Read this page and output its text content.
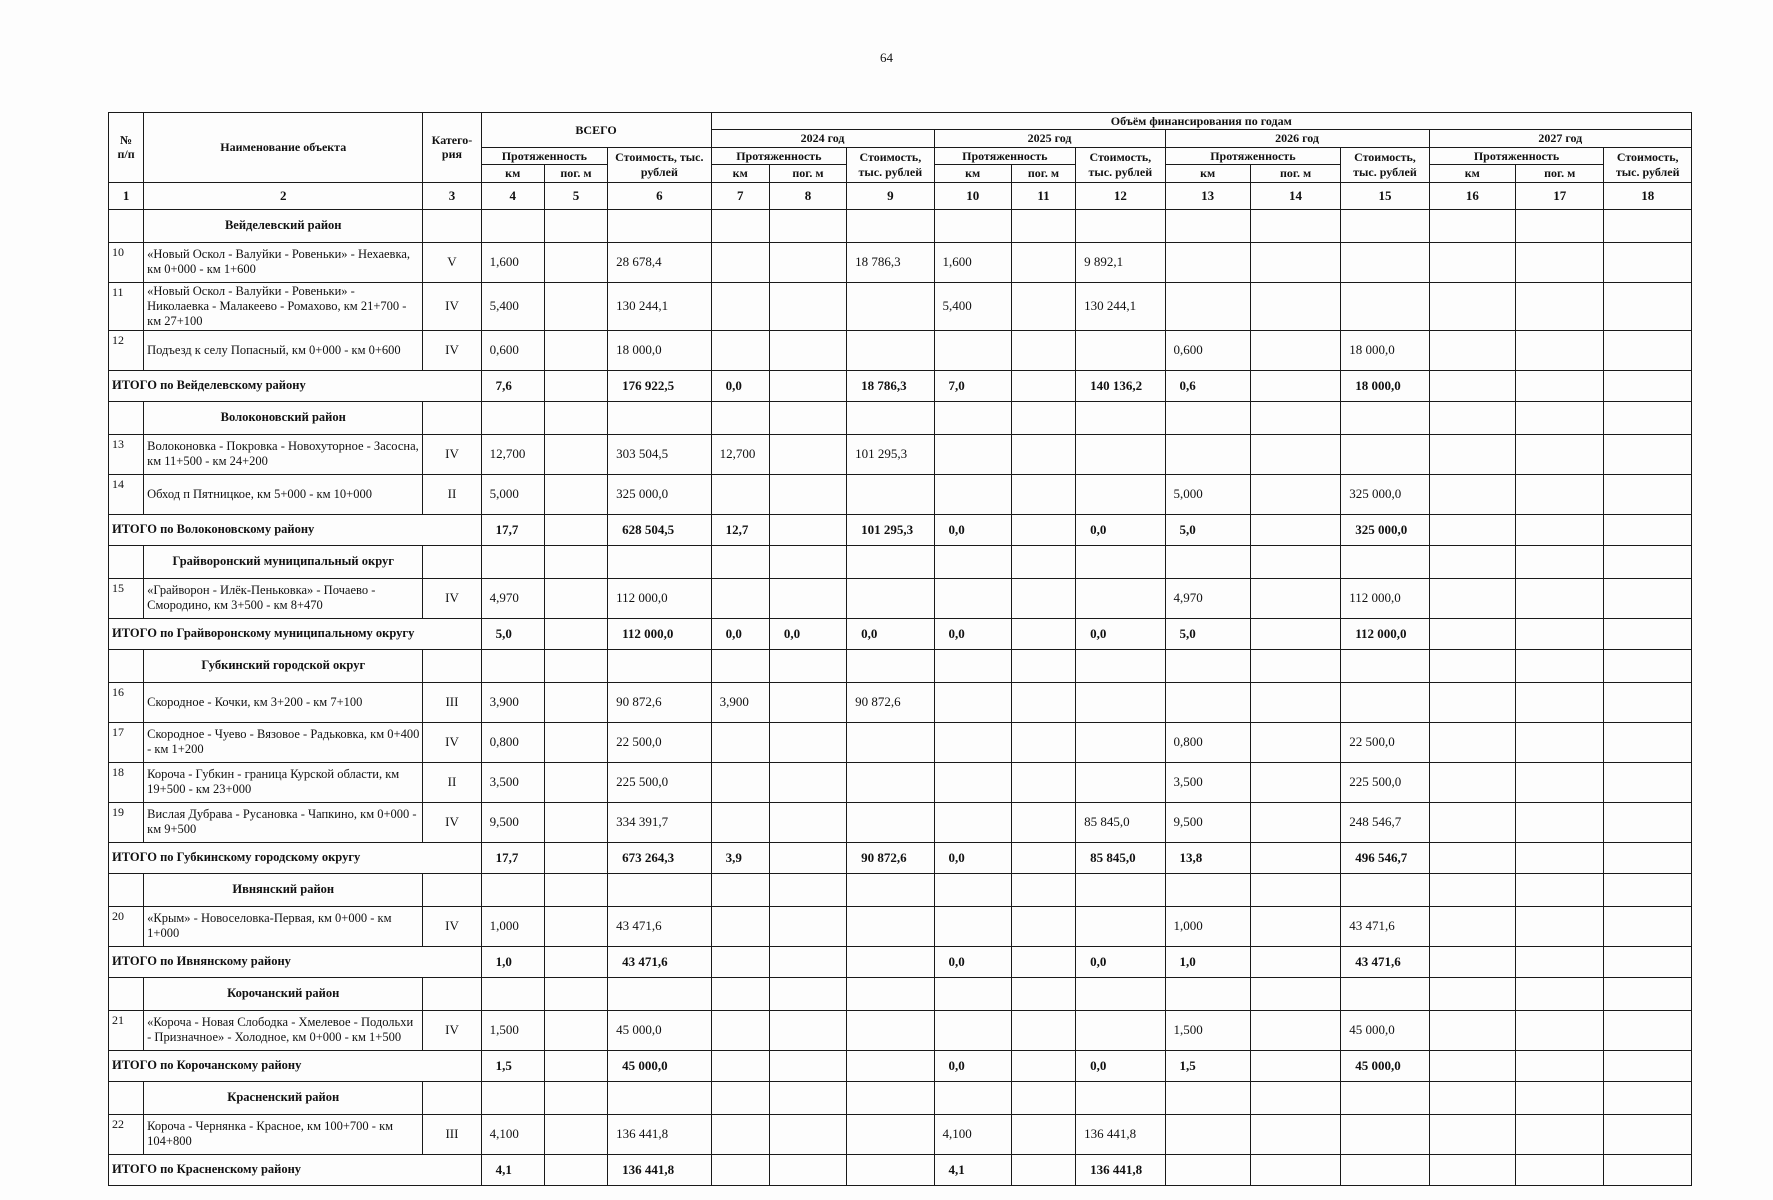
64
№
п/п	Наименование объекта	Катего-рия	ВСЕГО			Объём финансирования по годам											
						2024 год			2025 год			2026 год			2027 год		
			Протяженность		Стоимость, тыс. рублей	Протяженность		Стоимость, тыс. рублей	Протяженность		Стоимость, тыс. рублей	Протяженность		Стоимость, тыс. рублей	Протяженность		Стоимость, тыс. рублей
			км	пог. м		км	пог. м		км	пог. м		км	пог. м		км	пог. м	
1	2	3	4	5	6	7	8	9	10	11	12	13	14	15	16	17	18
	Вейделевский район																
10	«Новый Оскол - Валуйки - Ровеньки» - Нехаевка, км 0+000 - км 1+600	V	1,600		28 678,4			18 786,3	1,600		9 892,1						
11	«Новый Оскол - Валуйки - Ровеньки» - Николаевка - Малакеево - Ромахово, км 21+700 - км 27+100	IV	5,400		130 244,1				5,400		130 244,1						
12	Подъезд к селу Попасный, км 0+000 - км 0+600	IV	0,600		18 000,0							0,600		18 000,0			
ИТОГО по Вейделевскому району			7,6		176 922,5	0,0		18 786,3	7,0		140 136,2	0,6		18 000,0			
	Волоконовский район																
13	Волоконовка - Покровка - Новохуторное - Засосна, км 11+500 - км 24+200	IV	12,700		303 504,5	12,700		101 295,3									
14	Обход п Пятницкое, км 5+000 - км 10+000	II	5,000		325 000,0							5,000		325 000,0			
ИТОГО по Волоконовскому району			17,7		628 504,5	12,7		101 295,3	0,0		0,0	5,0		325 000,0			
	Грайворонский муниципальный округ																
15	«Грайворон - Илёк-Пеньковка» - Почаево - Смородино, км 3+500 - км 8+470	IV	4,970		112 000,0							4,970		112 000,0			
ИТОГО по Грайворонскому муниципальному округу			5,0		112 000,0	0,0	0,0	0,0	0,0		0,0	5,0		112 000,0			
	Губкинский городской округ																
16	Скородное - Кочки, км 3+200 - км 7+100	III	3,900		90 872,6	3,900		90 872,6									
17	Скородное - Чуево - Вязовое - Радьковка, км 0+400 - км 1+200	IV	0,800		22 500,0							0,800		22 500,0			
18	Короча - Губкин - граница Курской области, км 19+500 - км 23+000	II	3,500		225 500,0							3,500		225 500,0			
19	Вислая Дубрава - Русановка - Чапкино, км 0+000 - км 9+500	IV	9,500		334 391,7						85 845,0	9,500		248 546,7			
ИТОГО по Губкинскому городскому округу			17,7		673 264,3	3,9		90 872,6	0,0		85 845,0	13,8		496 546,7			
	Ивнянский район																
20	«Крым» - Новоселовка-Первая, км 0+000 - км 1+000	IV	1,000		43 471,6							1,000		43 471,6			
ИТОГО по Ивнянскому району			1,0		43 471,6				0,0		0,0	1,0		43 471,6			
	Корочанский район																
21	«Короча - Новая Слободка - Хмелевое - Подольхи - Призначное» - Холодное, км 0+000 - км 1+500	IV	1,500		45 000,0							1,500		45 000,0			
ИТОГО по Корочанскому району			1,5		45 000,0				0,0		0,0	1,5		45 000,0			
	Красненский район																
22	Короча - Чернянка - Красное, км 100+700 - км 104+800	III	4,100		136 441,8				4,100		136 441,8						
ИТОГО по Красненскому району			4,1		136 441,8				4,1		136 441,8						
